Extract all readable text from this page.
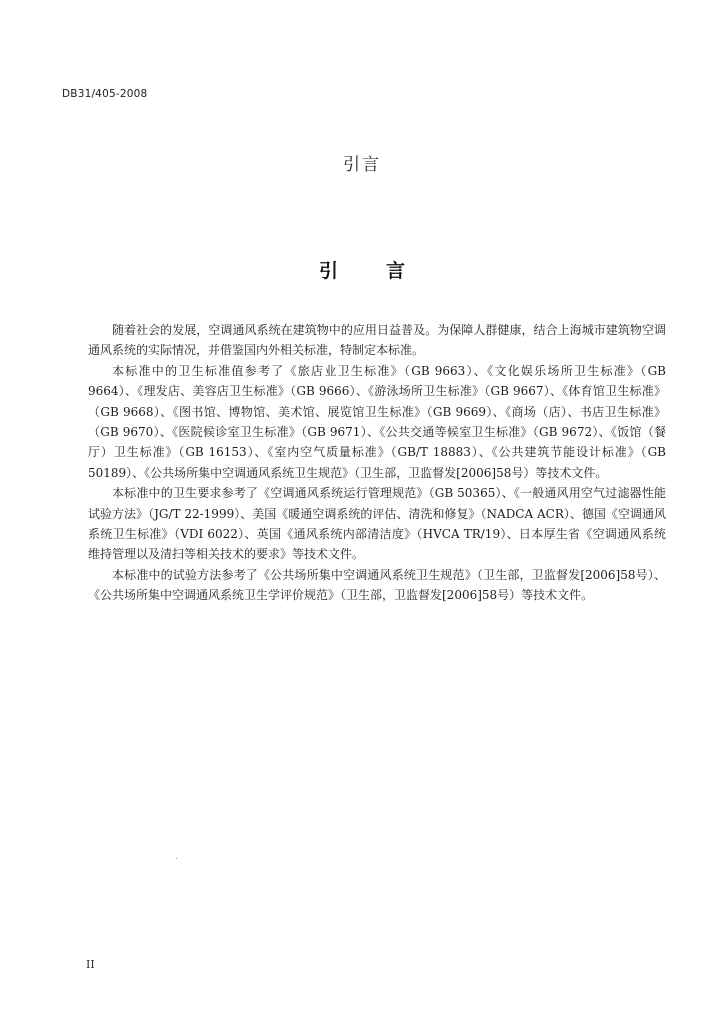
DB31/405-2008
引言
引	言

随着社会的发展，空调通风系统在建筑物中的应用日益普及。为保障人群健康，结合上海城市建筑物空调通风系统的实际情况，并借鉴国内外相关标准，特制定本标准。

本标准中的卫生标准值参考了《旅店业卫生标准》（GB 9663）、《文化娱乐场所卫生标准》（GB 9664）、《理发店、美容店卫生标准》（GB 9666）、《游泳场所卫生标准》（GB 9667）、《体育馆卫生标准》（GB 9668）、《图书馆、博物馆、美术馆、展览馆卫生标准》（GB 9669）、《商场（店）、书店卫生标准》（GB 9670）、《医院候诊室卫生标准》（GB 9671）、《公共交通等候室卫生标准》（GB 9672）、《饭馆（餐厅）卫生标准》（GB 16153）、《室内空气质量标准》（GB/T 18883）、《公共建筑节能设计标准》（GB 50189）、《公共场所集中空调通风系统卫生规范》（卫生部，卫监督发[2006]58号）等技术文件。

本标准中的卫生要求参考了《空调通风系统运行管理规范》（GB 50365）、《一般通风用空气过滤器性能试验方法》（JG/T 22-1999）、美国《暖通空调系统的评估、清洗和修复》（NADCA ACR）、德国《空调通风系统卫生标准》（VDI 6022）、英国《通风系统内部清洁度》（HVCA TR/19）、日本厚生省《空调通风系统维持管理以及清扫等相关技术的要求》等技术文件。

本标准中的试验方法参考了《公共场所集中空调通风系统卫生规范》（卫生部，卫监督发[2006]58号）、《公共场所集中空调通风系统卫生学评价规范》（卫生部，卫监督发[2006]58号）等技术文件。

II
